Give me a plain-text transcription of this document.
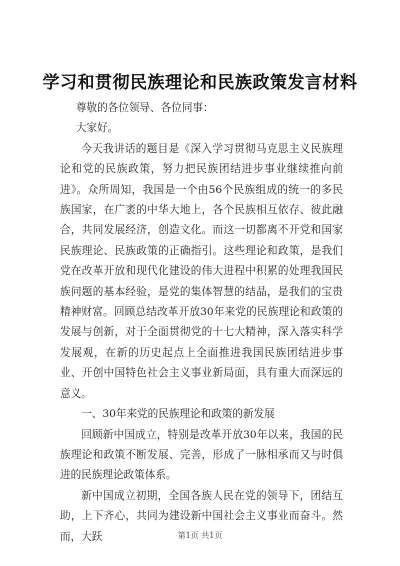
学习和贯彻民族理论和民族政策发言材料

尊敬的各位领导、各位同事：

大家好。

今天我讲话的题目是《深入学习贯彻马克思主义民族理论和党的民族政策，努力把民族团结进步事业继续推向前进》。众所周知，我国是一个由56个民族组成的统一的多民族国家，在广袤的中华大地上，各个民族相互依存、彼此融合，共同发展经济，创造文化。而这一切都离不开党和国家民族理论、民族政策的正确指引。这些理论和政策，是我们党在改革开放和现代化建设的伟大进程中积累的处理我国民族问题的基本经验，是党的集体智慧的结晶，是我们的宝贵精神财富。回顾总结改革开放30年来党的民族理论和政策的发展与创新，对于全面贯彻党的十七大精神，深入落实科学发展观，在新的历史起点上全面推进我国民族团结进步事业、开创中国特色社会主义事业新局面，具有重大而深远的意义。

一、30年来党的民族理论和政策的新发展

回顾新中国成立，特别是改革开放30年以来，我国的民族理论和政策不断发展、完善，形成了一脉相承而又与时俱进的民族理论政策体系。

新中国成立初期，全国各族人民在党的领导下，团结互助，上下齐心，共同为建设新中国社会主义事业而奋斗。然而，大跃	第1页 共1页
